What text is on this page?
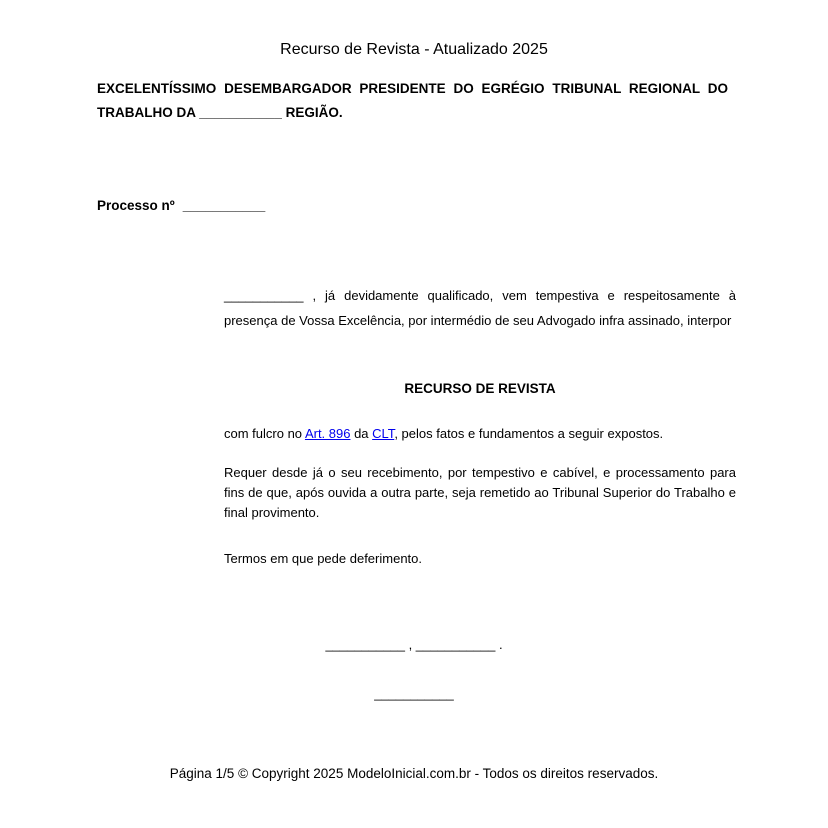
Recurso de Revista - Atualizado 2025
EXCELENTÍSSIMO DESEMBARGADOR PRESIDENTE DO EGRÉGIO TRIBUNAL REGIONAL DO TRABALHO DA ___________ REGIÃO.
Processo nº ___________
___________ , já devidamente qualificado, vem tempestiva e respeitosamente à presença de Vossa Excelência, por intermédio de seu Advogado infra assinado, interpor
RECURSO DE REVISTA
com fulcro no Art. 896 da CLT, pelos fatos e fundamentos a seguir expostos.
Requer desde já o seu recebimento, por tempestivo e cabível, e processamento para fins de que, após ouvida a outra parte, seja remetido ao Tribunal Superior do Trabalho e final provimento.
Termos em que pede deferimento.
___________ , ___________ .
___________
Página 1/5 © Copyright 2025 ModeloInicial.com.br - Todos os direitos reservados.
